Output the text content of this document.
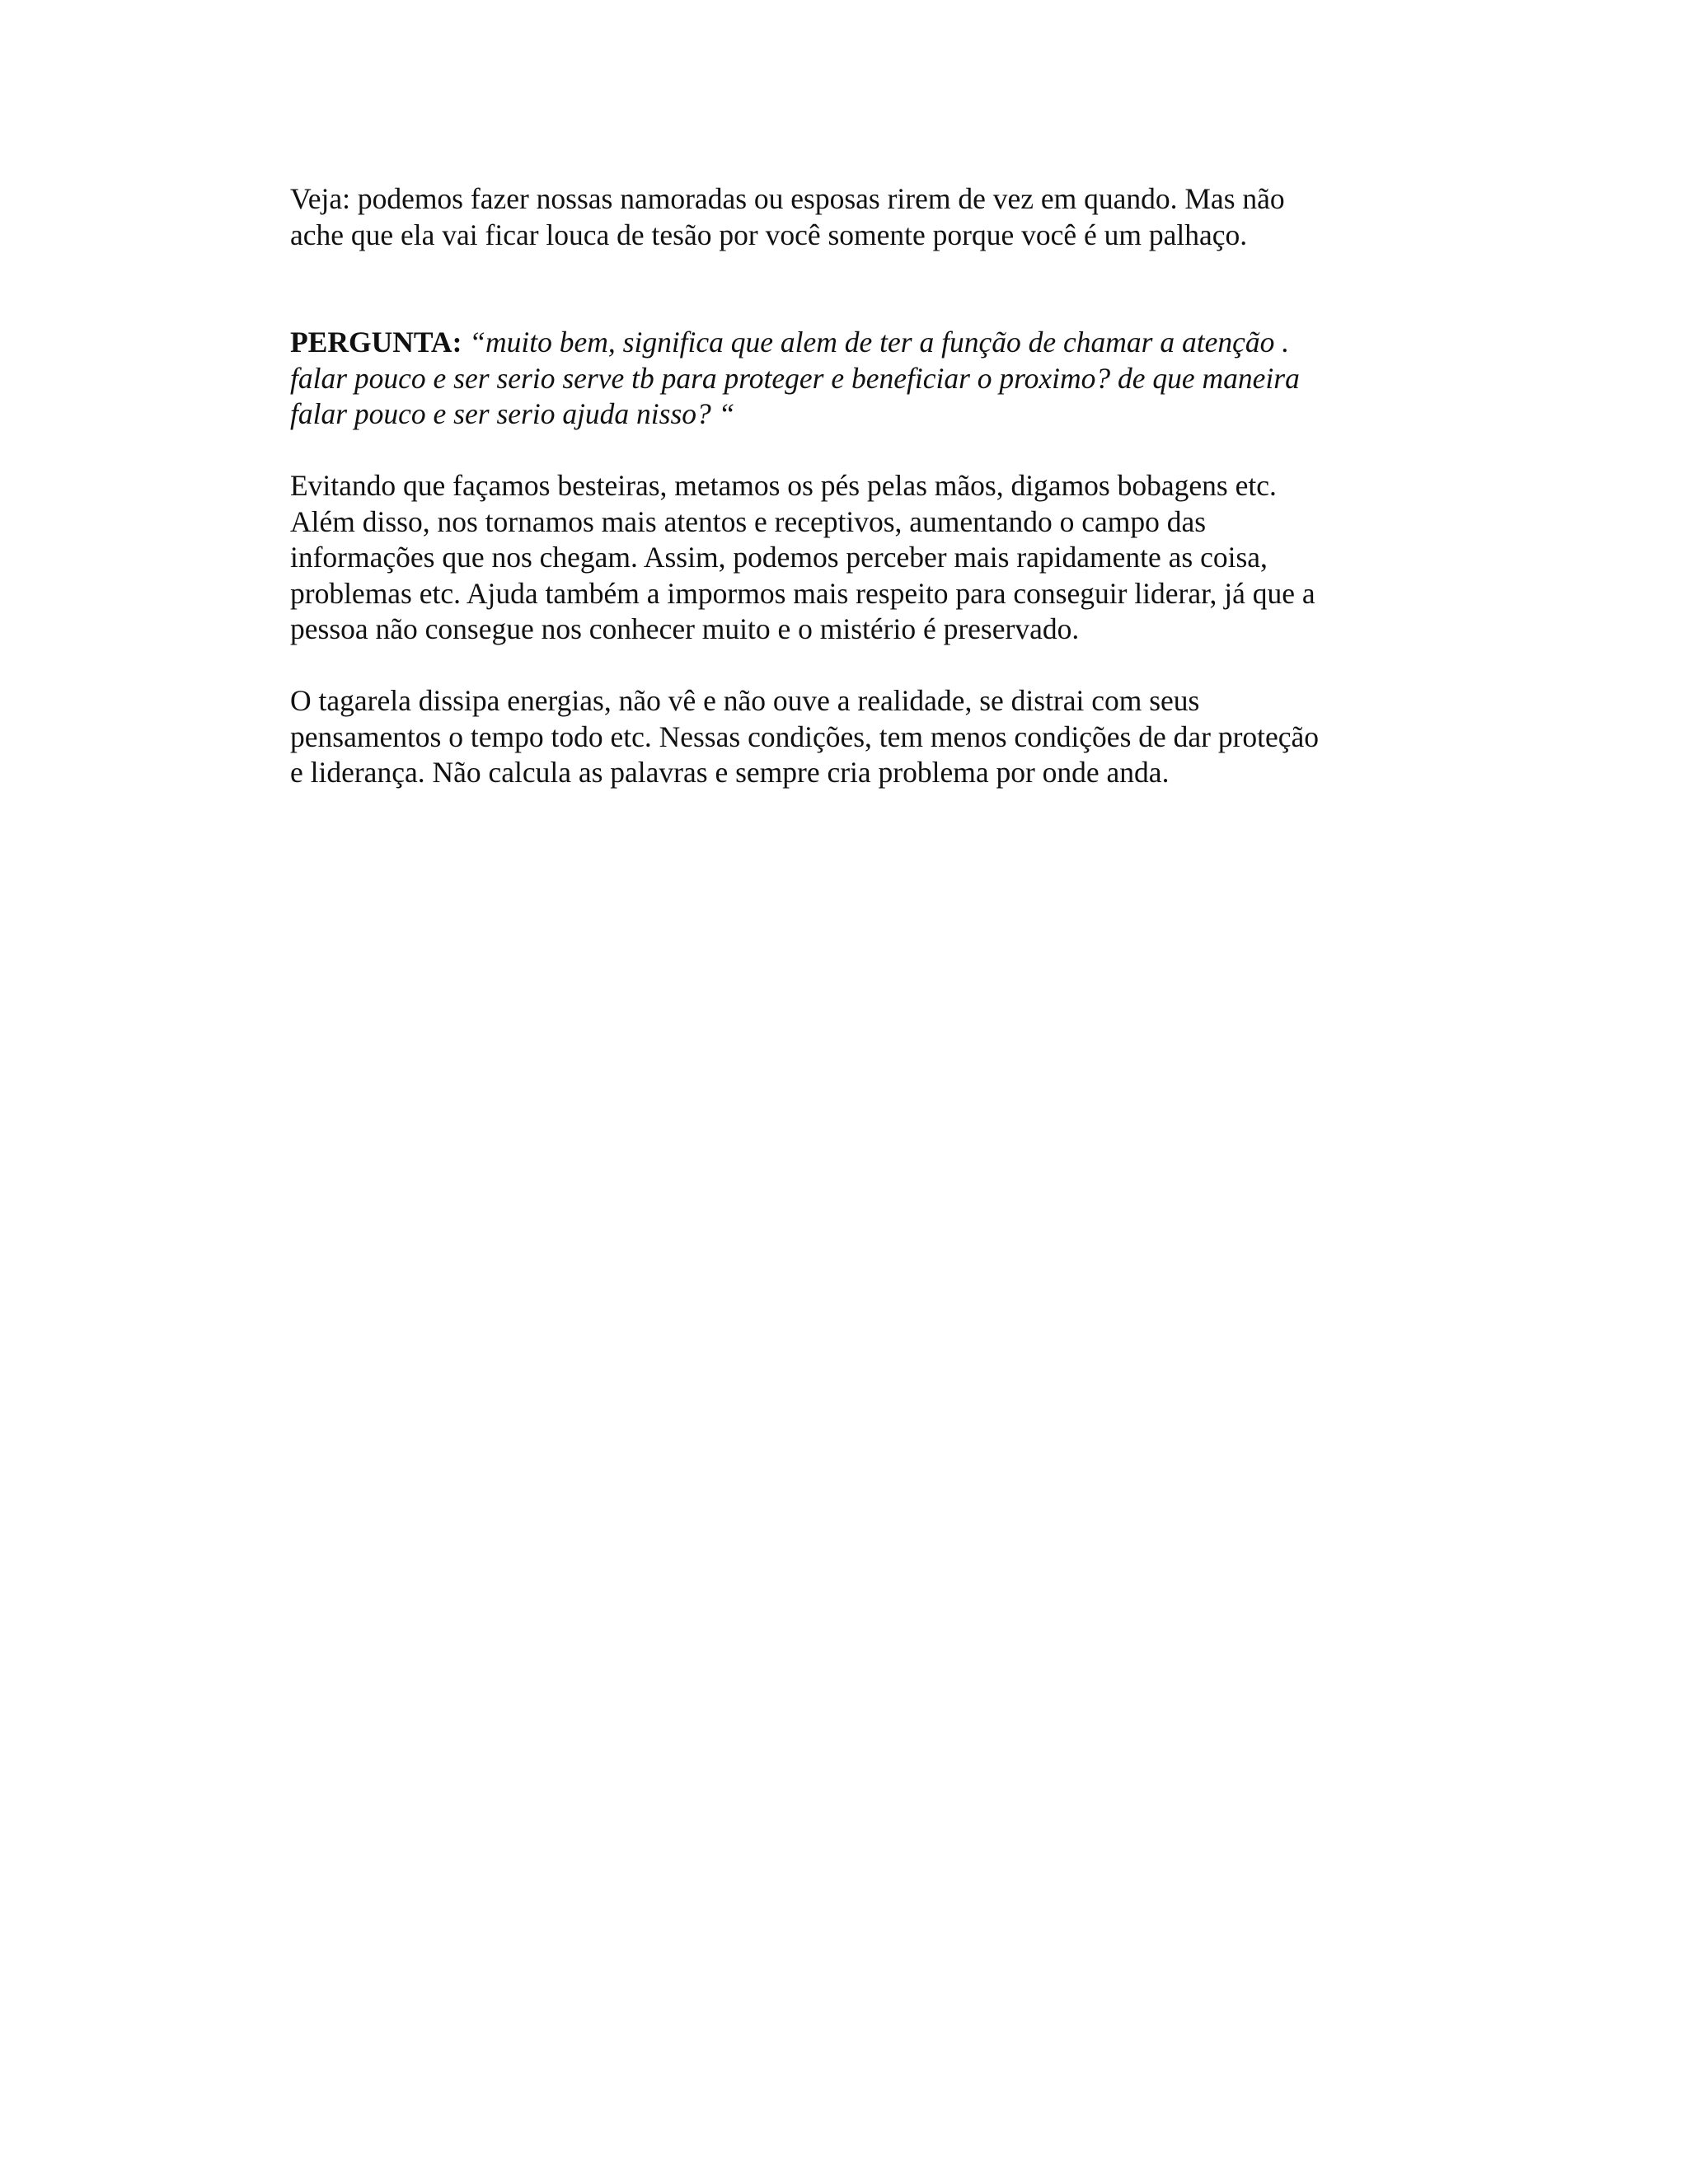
Veja: podemos fazer nossas namoradas ou esposas rirem de vez em quando. Mas não
ache que ela vai ficar louca de tesão por você somente porque você é um palhaço.

PERGUNTA: “muito bem, significa que alem de ter a função de chamar a atenção .
falar pouco e ser serio serve tb para proteger e beneficiar o proximo? de que maneira
falar pouco e ser serio ajuda nisso? “

Evitando que façamos besteiras, metamos os pés pelas mãos, digamos bobagens etc.
Além disso, nos tornamos mais atentos e receptivos, aumentando o campo das
informações que nos chegam. Assim, podemos perceber mais rapidamente as coisa,
problemas etc. Ajuda também a impormos mais respeito para conseguir liderar, já que a
pessoa não consegue nos conhecer muito e o mistério é preservado.

O tagarela dissipa energias, não vê e não ouve a realidade, se distrai com seus
pensamentos o tempo todo etc. Nessas condições, tem menos condições de dar proteção
e liderança. Não calcula as palavras e sempre cria problema por onde anda.
